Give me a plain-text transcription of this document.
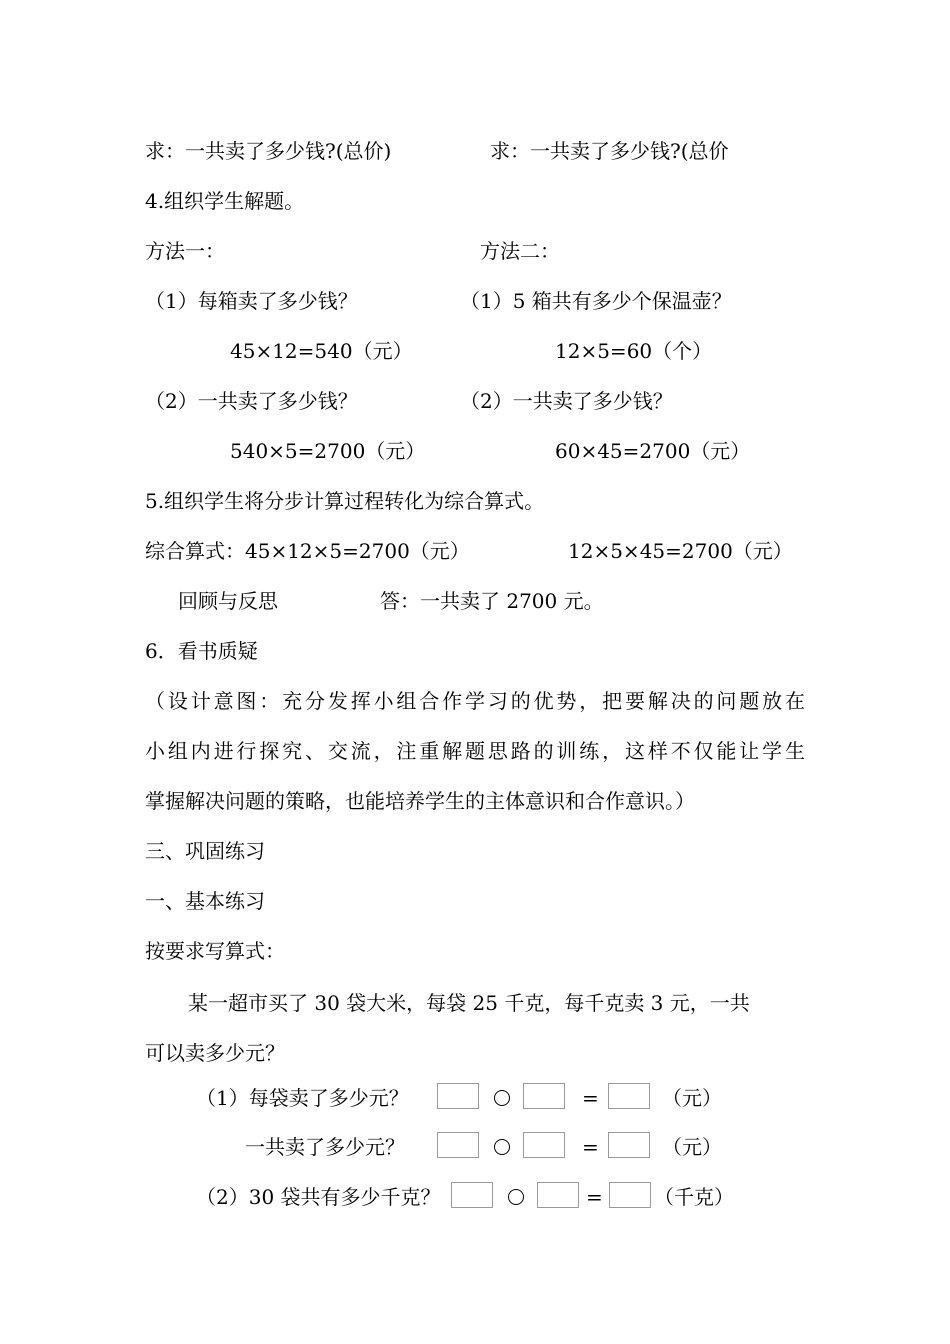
求：一共卖了多少钱?(总价)	求：一共卖了多少钱?(总价
4.组织学生解题。
方法一：	方法二：
（1）每箱卖了多少钱？	（1）5 箱共有多少个保温壶？
45×12=540（元）	12×5=60（个）
（2）一共卖了多少钱？	（2）一共卖了多少钱？
540×5=2700（元）	60×45=2700（元）
5.组织学生将分步计算过程转化为综合算式。
综合算式：45×12×5=2700（元）	12×5×45=2700（元）
回顾与反思	答：一共卖了 2700 元。
6．看书质疑
（设计意图：充分发挥小组合作学习的优势，把要解决的问题放在
小组内进行探究、交流，注重解题思路的训练，这样不仅能让学生
掌握解决问题的策略，也能培养学生的主体意识和合作意识。）
三、巩固练习
一、基本练习
按要求写算式：
某一超市买了 30 袋大米，每袋 25 千克，每千克卖 3 元，一共
可以卖多少元？
（1）每袋卖了多少元？	=	（元）
一共卖了多少元？	=	（元）
（2）30 袋共有多少千克？	=	（千克）
